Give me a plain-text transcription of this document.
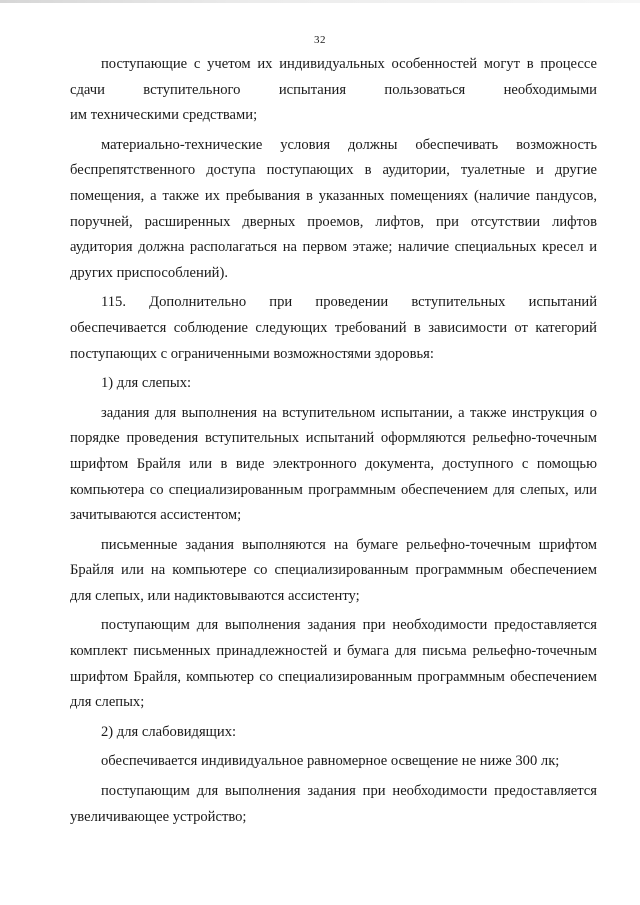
32

поступающие с учетом их индивидуальных особенностей могут в процессе

сдачи вступительного испытания пользоваться необходимыми

им техническими средствами;

материально-технические условия должны обеспечивать возможность беспрепятственного доступа поступающих в аудитории, туалетные и другие помещения, а также их пребывания в указанных помещениях (наличие пандусов, поручней, расширенных дверных проемов, лифтов, при отсутствии лифтов аудитория должна располагаться на первом этаже; наличие специальных кресел и других приспособлений).

115. Дополнительно при проведении вступительных испытаний обеспечивается соблюдение следующих требований в зависимости от категорий поступающих с ограниченными возможностями здоровья:

1) для слепых:

задания для выполнения на вступительном испытании, а также инструкция о порядке проведения вступительных испытаний оформляются рельефно-точечным шрифтом Брайля или в виде электронного документа, доступного с помощью компьютера со специализированным программным обеспечением для слепых, или зачитываются ассистентом;

письменные задания выполняются на бумаге рельефно-точечным шрифтом Брайля или на компьютере со специализированным программным обеспечением для слепых, или надиктовываются ассистенту;

поступающим для выполнения задания при необходимости предоставляется комплект письменных принадлежностей и бумага для письма рельефно-точечным шрифтом Брайля, компьютер со специализированным программным обеспечением для слепых;

2) для слабовидящих:

обеспечивается индивидуальное равномерное освещение не ниже 300 лк;

поступающим для выполнения задания при необходимости предоставляется увеличивающее устройство;
